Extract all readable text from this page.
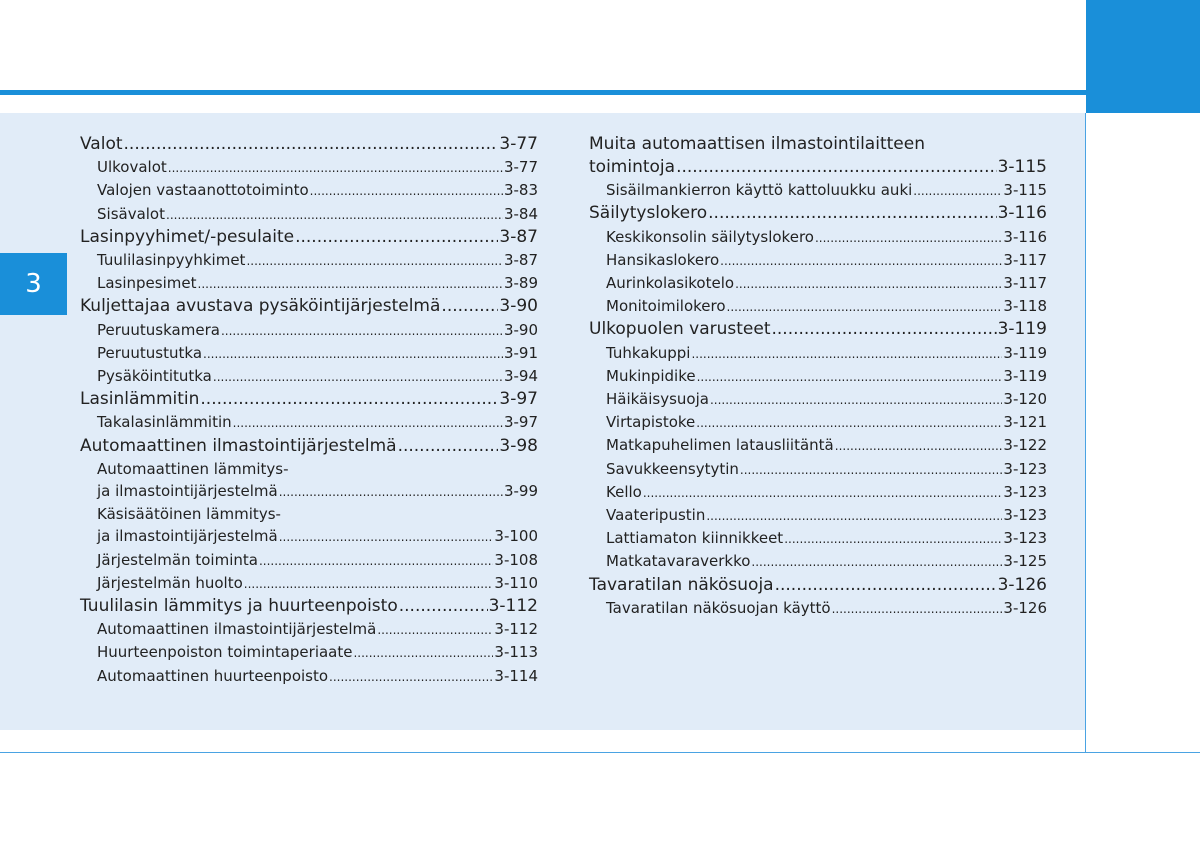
3
Valot .....	3-77
Ulkovalot .....	3-77
Valojen vastaanottotoiminto .....	3-83
Sisävalot .....	3-84
Lasinpyyhimet/-pesulaite .....	3-87
Tuulilasinpyyhkimet .....	3-87
Lasinpesimet .....	3-89
Kuljettajaa avustava pysäköintijärjestelmä .....	3-90
Peruutuskamera .....	3-90
Peruutustutka .....	3-91
Pysäköintitutka .....	3-94
Lasinlämmitin .....	3-97
Takalasinlämmitin .....	3-97
Automaattinen ilmastointijärjestelmä .....	3-98
Automaattinen lämmitys-
ja ilmastointijärjestelmä .....	3-99
Käsisäätöinen lämmitys-
ja ilmastointijärjestelmä .....	3-100
Järjestelmän toiminta .....	3-108
Järjestelmän huolto .....	3-110
Tuulilasin lämmitys ja huurteenpoisto .....	3-112
Automaattinen ilmastointijärjestelmä .....	3-112
Huurteenpoiston toimintaperiaate .....	3-113
Automaattinen huurteenpoisto .....	3-114
Muita automaattisen ilmastointilaitteen
toimintoja .....	3-115
Sisäilmankierron käyttö kattoluukku auki .....	3-115
Säilytyslokero .....	3-116
Keskikonsolin säilytyslokero .....	3-116
Hansikaslokero .....	3-117
Aurinkolasikotelo .....	3-117
Monitoimilokero .....	3-118
Ulkopuolen varusteet .....	3-119
Tuhkakuppi .....	3-119
Mukinpidike .....	3-119
Häikäisysuoja .....	3-120
Virtapistoke .....	3-121
Matkapuhelimen latausliitäntä .....	3-122
Savukkeensytytin .....	3-123
Kello .....	3-123
Vaateripustin .....	3-123
Lattiamaton kiinnikkeet .....	3-123
Matkatavaraverkko .....	3-125
Tavaratilan näkösuoja .....	3-126
Tavaratilan näkösuojan käyttö .....	3-126
